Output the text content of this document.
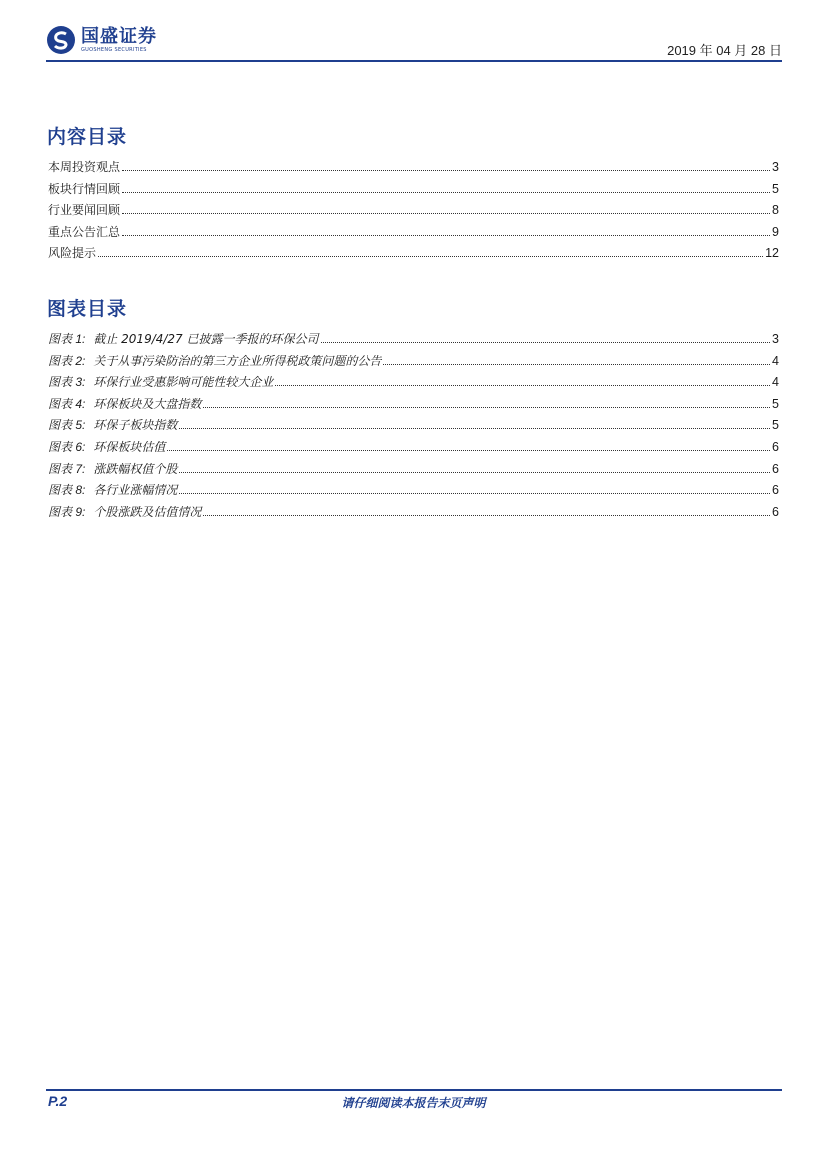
国盛证券
GUOSHENG SECURITIES	2019 年 04 月 28 日
内容目录
本周投资观点	3
板块行情回顾	5
行业要闻回顾	8
重点公告汇总	9
风险提示	12
图表目录
图表 1: 截止 2019/4/27 已披露一季报的环保公司	3
图表 2: 关于从事污染防治的第三方企业所得税政策问题的公告	4
图表 3: 环保行业受惠影响可能性较大企业	4
图表 4: 环保板块及大盘指数	5
图表 5: 环保子板块指数	5
图表 6: 环保板块估值	6
图表 7: 涨跌幅权值个股	6
图表 8: 各行业涨幅情况	6
图表 9: 个股涨跌及估值情况	6
P.2	请仔细阅读本报告末页声明
